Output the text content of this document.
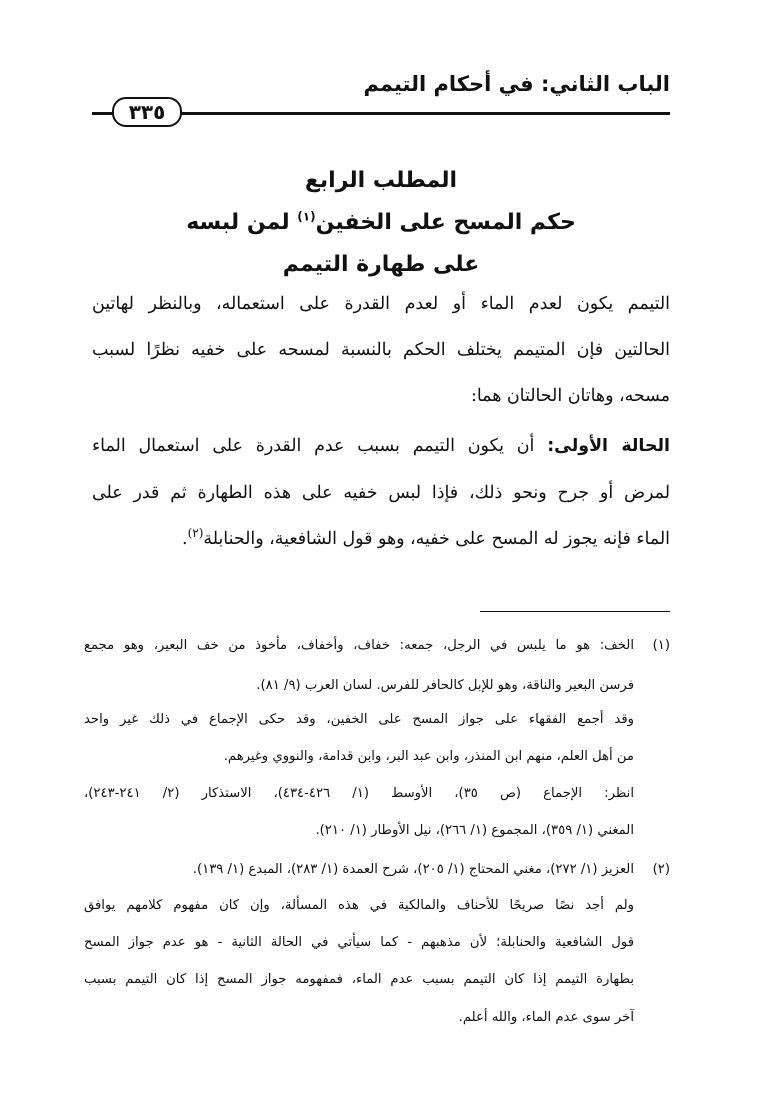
الباب الثاني: في أحكام التيمم
٣٣٥
المطلب الرابع
حكم المسح على الخفين$^{(١)}$ لمن لبسه
على طهارة التيمم
التيمم يكون لعدم الماء أو لعدم القدرة على استعماله، وبالنظر لهاتين
الحالتين فإن المتيمم يختلف الحكم بالنسبة لمسحه على خفيه نظرًا لسبب
مسحه، وهاتان الحالتان هما:
الحالة الأولى: أن يكون التيمم بسبب عدم القدرة على استعمال الماء
لمرض أو جرح ونحو ذلك، فإذا لبس خفيه على هذه الطهارة ثم قدر على
الماء فإنه يجوز له المسح على خفيه، وهو قول الشافعية، والحنابلة$^{(٢)}$.
(١)
الخف: هو ما يلبس في الرجل، جمعه: خفاف، وأخفاف، مأخوذ من خف البعير، وهو مجمع
فرسن البعير والناقة، وهو للإبل كالحافر للفرس. لسان العرب (٩/ ٨١).
وقد أجمع الفقهاء على جواز المسح على الخفين، وقد حكى الإجماع في ذلك غير واحد
من أهل العلم، منهم ابن المنذر، وابن عبد البر، وابن قدامة، والنووي وغيرهم.
انظر: الإجماع (ص ٣٥)، الأوسط (١/ ٤٢٦-٤٣٤)، الاستذكار (٢/ ٢٤١-٢٤٣)،
المغني (١/ ٣٥٩)، المجموع (١/ ٢٦٦)، نيل الأوطار (١/ ٢١٠).
(٢)
العزيز (١/ ٢٧٢)، مغني المحتاج (١/ ٢٠٥)، شرح العمدة (١/ ٢٨٣)، المبدع (١/ ١٣٩).
ولم أجد نصًا صريحًا للأحناف والمالكية في هذه المسألة، وإن كان مفهوم كلامهم يوافق
قول الشافعية والحنابلة؛ لأن مذهبهم - كما سيأتي في الحالة الثانية - هو عدم جواز المسح
بطهارة التيمم إذا كان التيمم بسبب عدم الماء، فمفهومه جواز المسح إذا كان التيمم بسبب
آخر سوى عدم الماء، والله أعلم.
